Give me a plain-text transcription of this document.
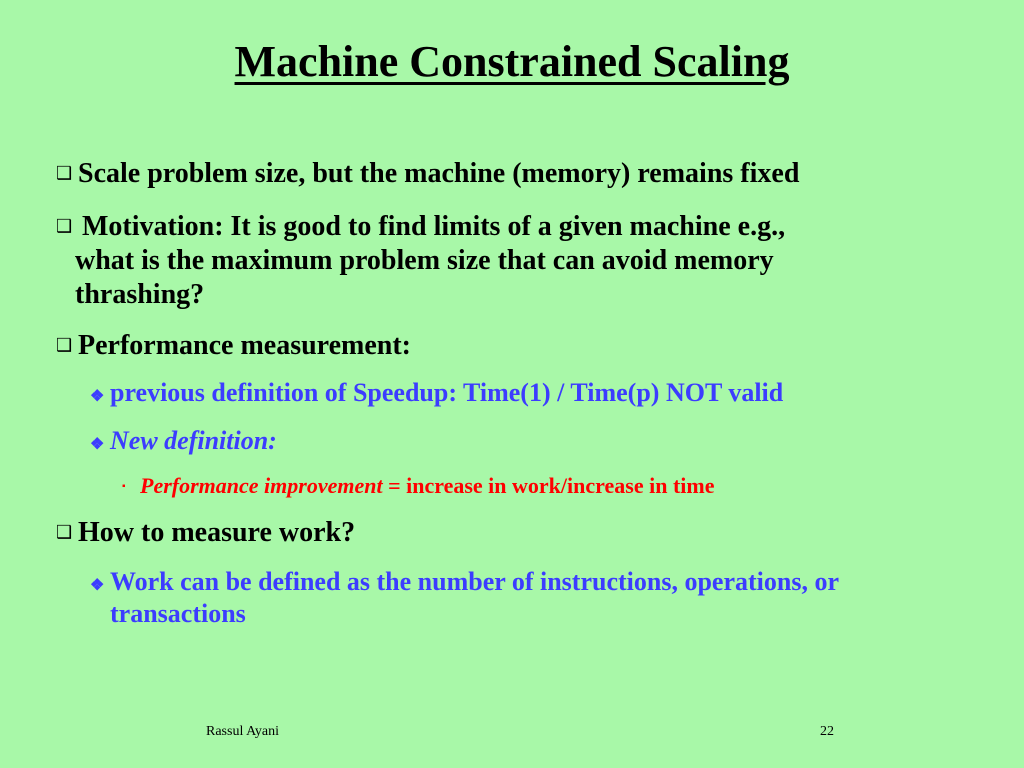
Machine Constrained Scaling
❑ Scale problem size, but the machine (memory) remains fixed
❑ Motivation: It is good to find limits of a given machine e.g.,
what is the maximum problem size that can avoid memory
thrashing?
❑ Performance measurement:
❖ previous definition of Speedup: Time(1) / Time(p) NOT valid
❖ New definition:
▪ Performance improvement = increase in work/increase in time
❑ How to measure work?
❖ Work can be defined as the number of instructions, operations, or
transactions
Rassul Ayani	22
